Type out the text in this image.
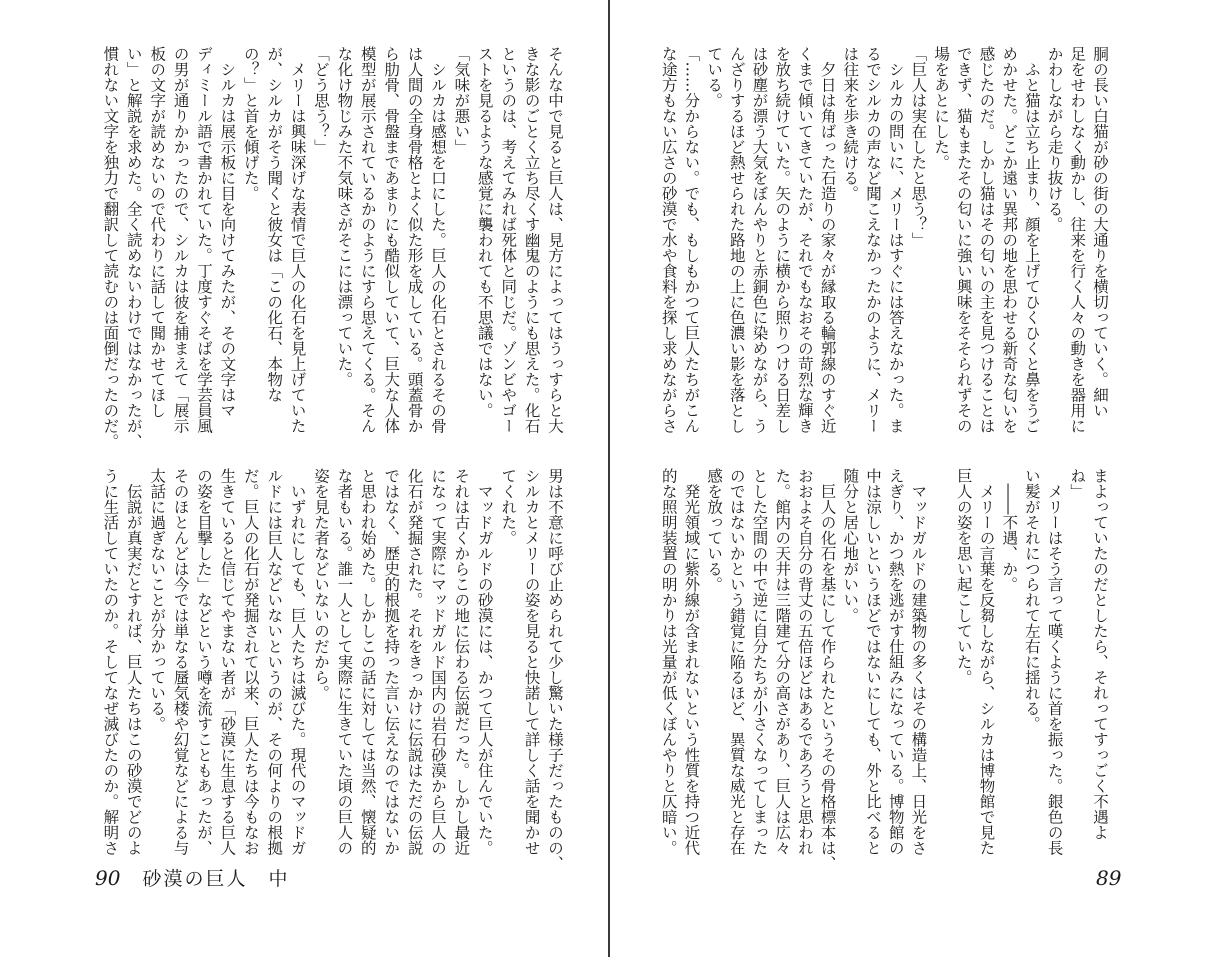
そんな中で見ると巨人は、見方によってはうっすらと大
きな影のごとく立ち尽くす幽鬼のようにも思えた。化石
というのは、考えてみれば死体と同じだ。ゾンビやゴー
ストを見るような感覚に襲われても不思議ではない。
「気味が悪い」
　シルカは感想を口にした。巨人の化石とされるその骨
は人間の全身骨格とよく似た形を成している。頭蓋骨か
ら肋骨、骨盤まであまりにも酷似していて、巨大な人体
模型が展示されているかのようにすら思えてくる。そん
な化け物じみた不気味さがそこには漂っていた。
「どう思う？」
　メリーは興味深げな表情で巨人の化石を見上げていた
が、シルカがそう聞くと彼女は「この化石、本物な
の？」と首を傾げた。
　シルカは展示板に目を向けてみたが、その文字はマ
ディミール語で書かれていた。丁度すぐそばを学芸員風
の男が通りかかったので、シルカは彼を捕まえて「展示
板の文字が読めないので代わりに話して聞かせてほし
い」と解説を求めた。全く読めないわけではなかったが、
慣れない文字を独力で翻訳して読むのは面倒だったのだ。
男は不意に呼び止められて少し驚いた様子だったものの、
シルカとメリーの姿を見ると快諾して詳しく話を聞かせ
てくれた。
　マッドガルドの砂漠には、かつて巨人が住んでいた。
それは古くからこの地に伝わる伝説だった。しかし最近
になって実際にマッドガルド国内の岩石砂漠から巨人の
化石が発掘された。それをきっかけに伝説はただの伝説
ではなく、歴史的根拠を持った言い伝えなのではないか
と思われ始めた。しかしこの話に対しては当然、懐疑的
な者もいる。誰一人として実際に生きていた頃の巨人の
姿を見た者などいないのだから。
　いずれにしても、巨人たちは滅びた。現代のマッドガ
ルドには巨人などいないというのが、その何よりの根拠
だ。巨人の化石が発掘されて以来、巨人たちは今もなお
生きていると信じてやまない者が「砂漠に生息する巨人
の姿を目撃した」などという噂を流すこともあったが、
そのほとんどは今では単なる蜃気楼や幻覚などによる与
太話に過ぎないことが分かっている。
　伝説が真実だとすれば、巨人たちはこの砂漠でどのよ
うに生活していたのか。そしてなぜ滅びたのか。解明さ
90 砂漠の巨人　中
胴の長い白猫が砂の街の大通りを横切っていく。細い
足をせわしなく動かし、往来を行く人々の動きを器用に
かわしながら走り抜ける。
　ふと猫は立ち止まり、顔を上げてひくひくと鼻をうご
めかせた。どこか遠い異邦の地を思わせる新奇な匂いを
感じたのだ。しかし猫はその匂いの主を見つけることは
できず、猫もまたその匂いに強い興味をそそられずその
場をあとにした。
「巨人は実在したと思う？」
　シルカの問いに、メリーはすぐには答えなかった。ま
るでシルカの声など聞こえなかったかのように、メリー
は往来を歩き続ける。
　夕日は角ばった石造りの家々が縁取る輪郭線のすぐ近
くまで傾いてきていたが、それでもなおその苛烈な輝き
を放ち続けていた。矢のように横から照りつける日差し
は砂塵が漂う大気をぼんやりと赤銅色に染めながら、う
んざりするほど熱せられた路地の上に色濃い影を落とし
ている。
「……分からない。でも、もしもかつて巨人たちがこん
な途方もない広さの砂漠で水や食料を探し求めながらさ
まよっていたのだとしたら、それってすっごく不遇よ
ね」
　メリーはそう言って嘆くように首を振った。銀色の長
い髪がそれにつられて左右に揺れる。
　――不遇、か。
　メリーの言葉を反芻しながら、シルカは博物館で見た
巨人の姿を思い起こしていた。

　マッドガルドの建築物の多くはその構造上、日光をさ
えぎり、かつ熱を逃がす仕組みになっている。博物館の
中は涼しいというほどではないにしても、外と比べると
随分と居心地がいい。
　巨人の化石を基にして作られたというその骨格標本は、
おおよそ自分の背丈の五倍ほどはあるであろうと思われ
た。館内の天井は三階建て分の高さがあり、巨人は広々
とした空間の中で逆に自分たちが小さくなってしまった
のではないかという錯覚に陥るほど、異質な威光と存在
感を放っている。
　発光領域に紫外線が含まれないという性質を持つ近代
的な照明装置の明かりは光量が低くぼんやりと仄暗い。
89
